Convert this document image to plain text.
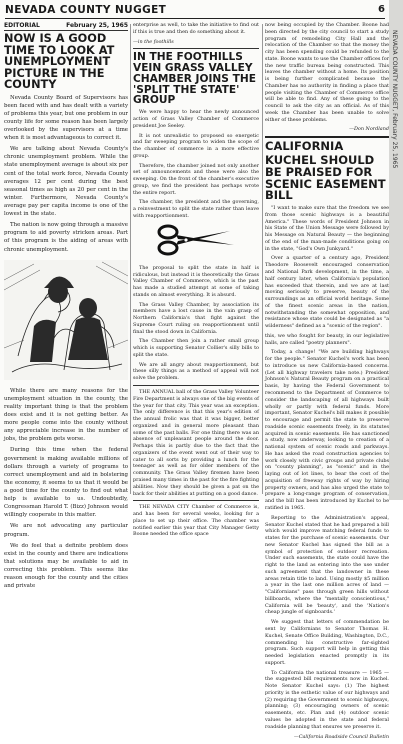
NEVADA COUNTY NUGGET	6
NEVADA COUNTY NUGGET, February 25, 1965
EDITORIAL	February 25, 1965
NOW IS A GOOD TIME TO LOOK AT UNEMPLOYMENT PICTURE IN THE COUNTY

Nevada County Board of Supervisors has been faced with and has dealt with a variety of problems this year, but one problem in our county life for some reason has been largely overlooked by the supervisors at a time when it is most advantageous to correct it.

We are talking about Nevada County's chronic unemployment problem. While the state unemployment average is about six per cent of the total work force, Nevada County averages 12 per cent during the best seasonal times as high as 20 per cent in the winter. Furthermore, Nevada County's average pay per capita income is one of the lowest in the state.

The nation is now going through a massive program to aid poverty stricken areas. Part of this program is the aiding of areas with chronic unemployment.

While there are many reasons for the unemployment situation in the county, the reality important thing is that the problem does exist and it is not getting better. As more people come into the county without any appreciable increase in the number of jobs, the problem gets worse.

During this time when the federal government is making available millions of dollars through a variety of programs to correct unemployment and aid in bolstering the economy, it seems to us that it would be a good time for the county to find out what help is available to us. Undoubtedly, Congressman Harold T. (Bizz) Johnson would willingly cooperate in this matter.

We are not advocating any particular program.

We do feel that a definite problem does exist in the county and there are indications that solutions may be available to aid in correcting this problem. This seems like reason enough for the county and the cities and private

enterprise as well, to take the initiative to find out if this is true and then do something about it.

—in the foothills

IN THE FOOTHILLS VEIN GRASS VALLEY CHAMBER JOINS THE 'SPLIT THE STATE' GROUP

We were happy to hear the newly announced action of Grass Valley Chamber of Commerce president Joe Seeley.

It is not unrealistic to proposed so energetic and far sweeping program to widen the scope of the chamber of commerce in a more effective group.

Therefore, the chamber joined not only another set of announcements and these were also the sweeping. On the front of the chamber's executive group, we find the president has perhaps wrote the entire report.

The chamber, the president and the governing, a reinvestment to split the state rather than leave with reapportionment.

The proposal to split the state in half is ridiculous, but instead it is theoretically the Grass Valley Chamber of Commerce, which is the past has made a studied attempt at some of taking stands on almost everything. It is absurd.

The Grass Valley Chamber, by association its members have a lost cause in the vain grasp of Northern California's that fight against the Supreme Court ruling on reapportionment until final the stood down in California.

The Chamber then join a rather small group which is supporting Senator Collier's silly bills to split the state.

We are all angry about reapportionment, but these silly things as a method of appeal will not solve the problem.

THE ANNUAL ball of the Grass Valley Volunteer Fire Department is always one of the big events of the year for that city. This year was an exception. The only difference is that this year's edition of the annual frolic was that it was bigger, better organized and in general more pleasant than some of the past balls. For one thing there was an absence of unpleasant people around the door. Perhaps this is partly due to the fact that the organizers of the event went out of their way to cater to all sorts by providing a lunch for the teenager as well as for older members of the community. The Grass Valley firemen have been praised many times in the past for the fire fighting abilities. Now they should be given a pat on the back for their abilities at putting on a good dance.

THE NEVADA CITY Chamber of Commerce is, and has been for several weeks, looking for a place to set up their office. The chamber was notified earlier this year that City Manager Getty Boone needed the office space

now being occupied by the Chamber. Boone had been directed by the city council to start a study program of remodeling City Hall and the relocation of the Chamber so that the money the city has been spending could be refunded to the state. Boone wants to use the Chamber offices for the new traffic bureau being constructed. This leaves the chamber without a home. Its position is being further complicated because the Chamber has no authority in finding a place that people visiting the Chamber of Commerce office will be able to find. Any of these going to the council to ask the city as an official. As of this week the Chamber has been unable to solve either of these problems.

—Don Nordland
CALIFORNIA
KUCHEL SHOULD BE PRAISED FOR SCENIC EASEMENT BILL

"I want to make sure that the freedom we see from those scenic highways is a beautiful America." These words of President Johnson in his State of the Union Message were followed by his Message on Natural Beauty — the beginning of the end of the man-made conditions going on in the state, "God's Own Junkyard."

Over a quarter of a century ago, President Theodore Roosevelt encouraged conservation and National Park development, in the time, a half century later, when California's population has exceeded that therein, and we are at last moving seriously to preserve, beauty of the surroundings as an official world heritage. Some of the finest scenic areas in the nation, notwithstanding the somewhat opposition, and resistance whose state could be designated as "a wilderness" defined as a "scenic of the region".

this, we who fought for beauty, in our legislative halls, are called "poetry planners".

Today, a change! "We are building highways for the people." Senator Kuchel's work has been to introduce us new California-based concerns. (Let all highway travelers take note.) President Johnson's Natural Beauty program on a practical basis, by having the Federal Government to recommend to the Department of Commerce to consider the landscaping of all highways built wholly or partly with federal funds. More important, Senator Kuchel's bill makes it possible to encourage and permit the state to preserve roadside scenic easements freely, in its statutes acquired in scenic easements. He has sanctioned a study, now underway, looking to creation of a national system of scenic roads and parkways. He has asked the road construction agencies to work closely with civic groups and private clubs on "county planning", as "scenic" and in the laying out of lot lines, to bear the cost of the acquisition of freeway rights of way by hiring property owners, and has also urged the state to prepare a long-range program of conservation, and the bill has been introduced by Kuchel to be ratified in 1965.

Reporting to the Administration's appeal, Senator Kuchel stated that he had prepared a bill which would improve matching federal funds to states for the purchase of scenic easements. Our new Senator Kuchel has signed the bill as a symbol of protection of outdoor recreation. Under such easements, the state could have the right to the land as entering into the use under such agreement that the landowner in these areas retain title to land. Using mostly $5 million a year in the last one million acres of land — "Californians" pass through green hills without billboards, where the "mentally conscientious," California will be 'beauty', and the 'Nation's cheap jungle of signboards.'

We suggest that letters of commendation be sent by Californians to Senator Thomas H. Kuchel, Senate Office Building, Washington, D.C., commending his constructive far-sighted program. Such support will help in getting this needed legislation enacted promptly in its support.

To California the national treasure — 1965 — the suggested bill requirements now in Kuchel. Note Senator Kuchel says: (1) The highest priority is the esthetic value of our highways and (2) requiring the Government to scenic highways, planning; (3) encouraging owners of scenic easements, etc. Plan and (4) outdoor scenic values be adopted in the state and federal roadside planning that ensures we preserve it.

—California Roadside Council Bulletin
